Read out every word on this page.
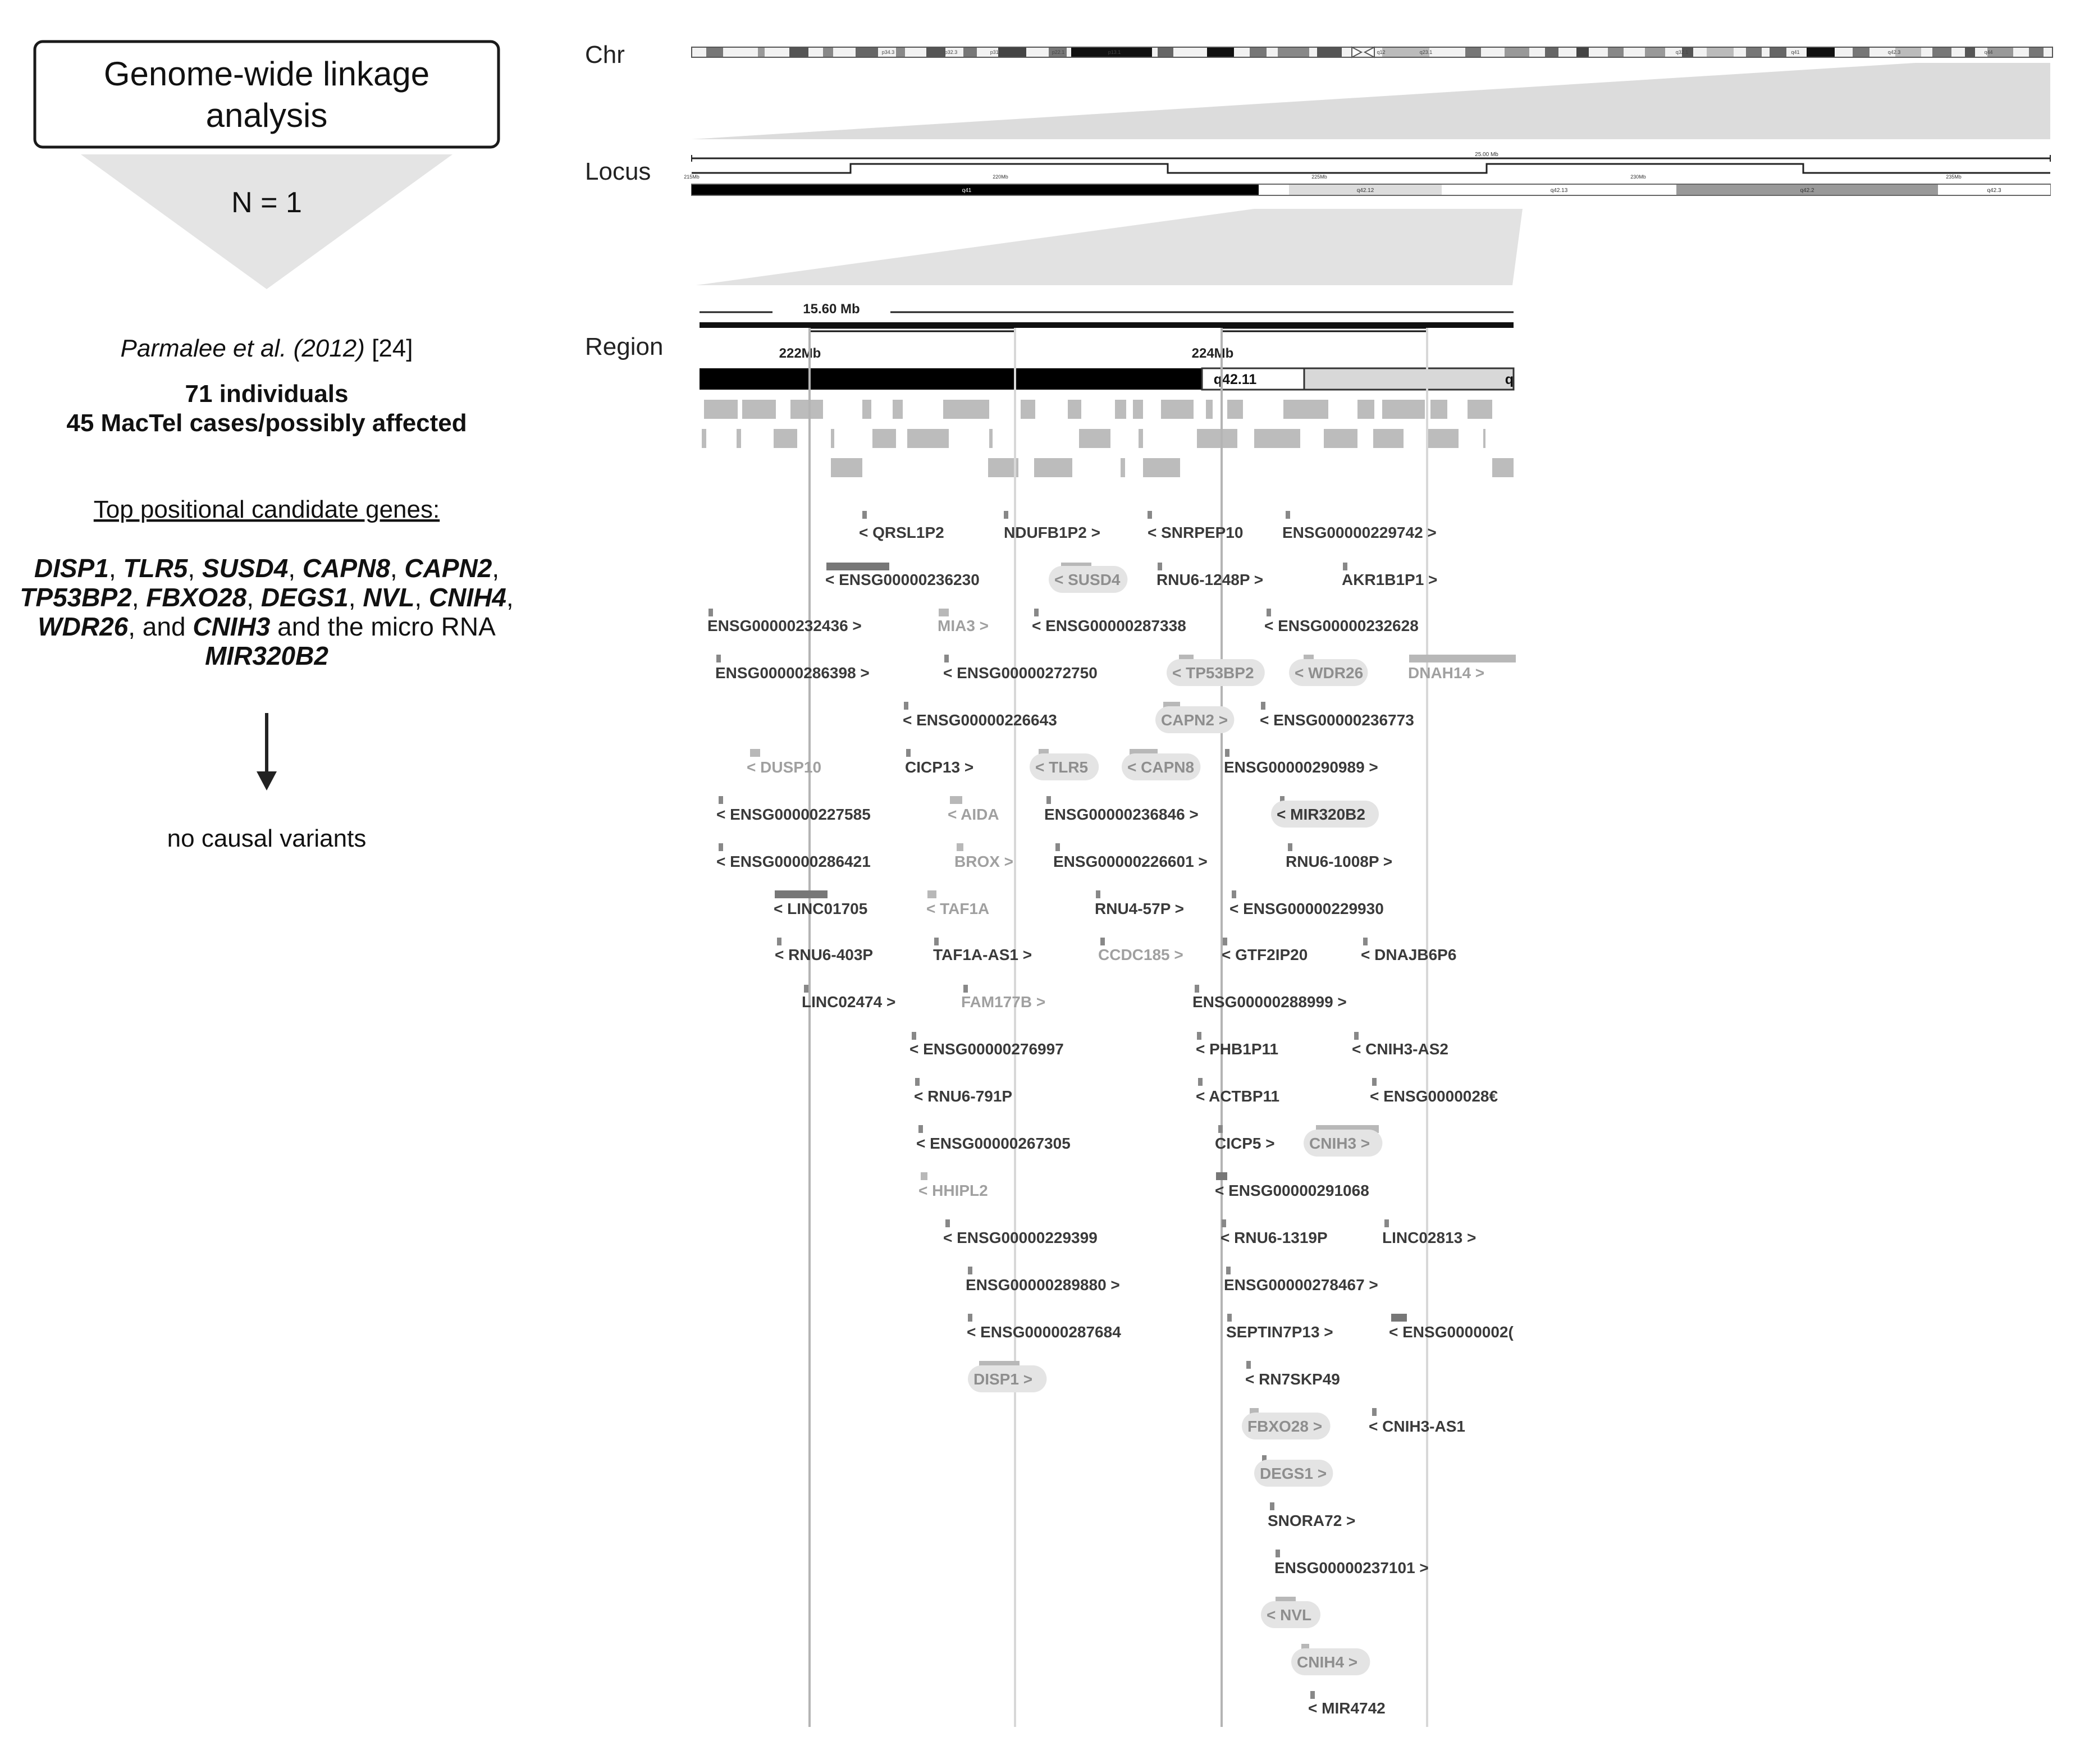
Genome-wide linkage
analysis
N = 1
Parmalee et al. (2012) [24]
71 individuals
45 MacTel cases/possibly affected
Top positional candidate genes:
DISP1, TLR5, SUSD4, CAPN8, CAPN2,
TP53BP2, FBXO28, DEGS1, NVL, CNIH4,
WDR26, and CNIH3 and the micro RNA
MIR320B2
no causal variants
Chr
Locus
Region
p34.3	p32.3	p31.1	p22.1	p13.1	q12	q23.1	q32.1	q41	q42.3	q44
25.00 Mb
215Mb	220Mb	225Mb	230Mb	235Mb
q41	q42.12	q42.13	q42.2	q42.3
15.60 Mb
222Mb	224Mb
q42.11	q
< QRSL1P2	NDUFB1P2 >	< SNRPEP10 ENSG00000229742 >
< ENSG00000236230	< SUSD4 RNU6-1248P >	AKR1B1P1 >
ENSG00000232436 >	MIA3 >	< ENSG00000287338	< ENSG00000232628
ENSG00000286398 >	< ENSG00000272750	< TP53BP2	< WDR26	DNAH14 >
< ENSG00000226643	CAPN2 > < ENSG00000236773
< DUSP10	CICP13 >	< TLR5 < CAPN8 ENSG00000290989 >
< ENSG00000227585	< AIDA	ENSG00000236846 >	< MIR320B2
< ENSG00000286421	BROX >	ENSG00000226601 >	RNU6-1008P >
< LINC01705	< TAF1A	RNU4-57P >	< ENSG00000229930
< RNU6-403P	TAF1A-AS1 >	CCDC185 > < GTF2IP20	< DNAJB6P6
LINC02474 >	FAM177B >	ENSG00000288999 >
< ENSG00000276997	< PHB1P11	< CNIH3-AS2
< RNU6-791P	< ACTBP11	< ENSG0000028€
< ENSG00000267305	CICP5 > CNIH3 >
< HHIPL2	< ENSG00000291068
< ENSG00000229399	< RNU6-1319P	LINC02813 >
ENSG00000289880 >	ENSG00000278467 >
< ENSG00000287684	SEPTIN7P13 >	< ENSG0000002(
DISP1 >	< RN7SKP49
FBXO28 >	< CNIH3-AS1
DEGS1 >
SNORA72 >
ENSG00000237101 >
< NVL
CNIH4 >
< MIR4742
